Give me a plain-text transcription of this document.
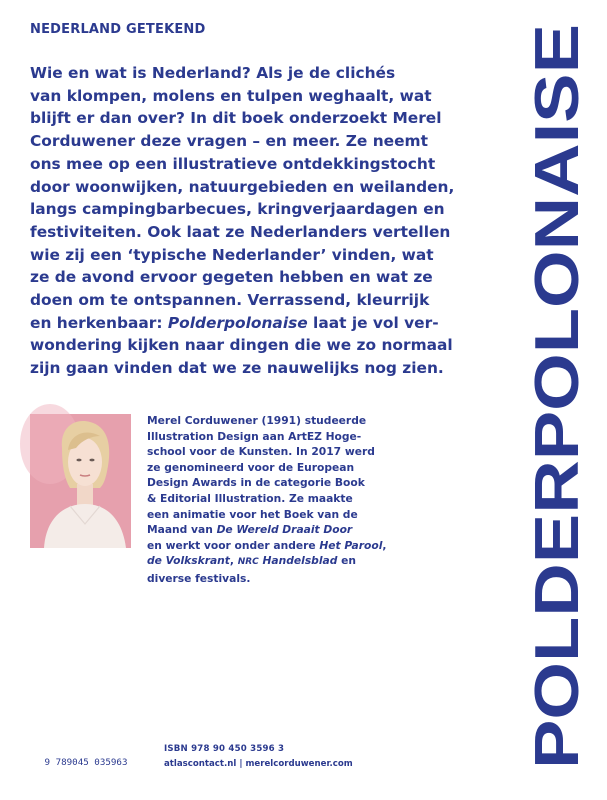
NEDERLAND GETEKEND

Wie en wat is Nederland? Als je de clichés

van klompen, molens en tulpen weghaalt, wat

blijft er dan over? In dit boek onderzoekt Merel

Corduwener deze vragen – en meer. Ze neemt

ons mee op een illustratieve ontdekkingstocht

door woonwijken, natuurgebieden en weilanden,

langs campingbarbecues, kringverjaardagen en

festiviteiten. Ook laat ze Nederlanders vertellen

wie zij een ‘typische Nederlander’ vinden, wat

ze de avond ervoor gegeten hebben en wat ze

doen om te ontspannen. Verrassend, kleurrijk

en herkenbaar: Polderpolonaise laat je vol ver-

wondering kijken naar dingen die we zo normaal

zijn gaan vinden dat we ze nauwelijks nog zien.

Merel Corduwener (1991) studeerde

Illustration Design aan ArtEZ Hoge-

school voor de Kunsten. In 2017 werd

ze genomineerd voor de European

Design Awards in de categorie Book

& Editorial Illustration. Ze maakte

een animatie voor het Boek van de

Maand van De Wereld Draait Door

en werkt voor onder andere Het Parool,

de Volkskrant, NRC Handelsblad en

diverse festivals.

9 789045 035963
ISBN 978 90 450 3596 3
atlascontact.nl | merelcorduwener.com	POLDERPOLONAISE
